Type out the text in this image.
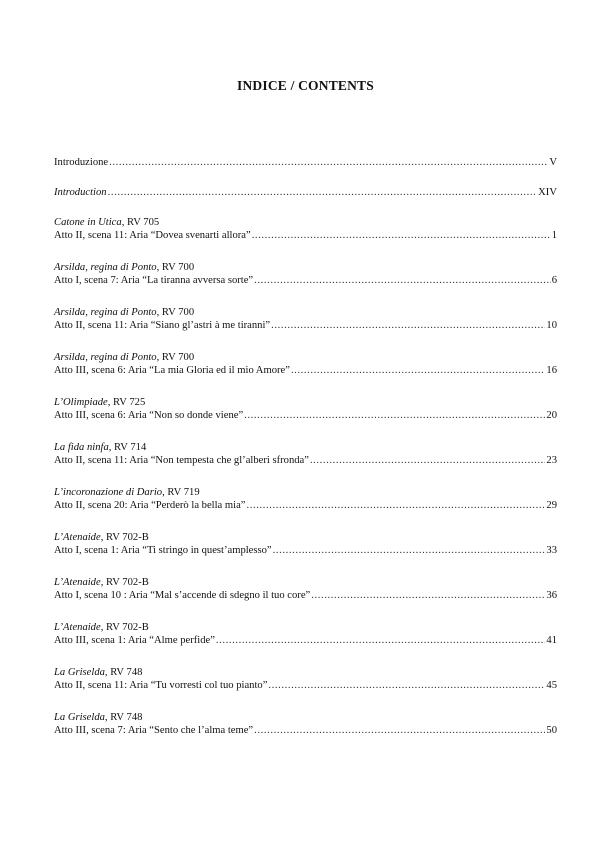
INDICE / CONTENTS
Introduzione .....	V
Introduction .....	XIV
Catone in Utica, RV 705
Atto II, scena 11: Aria “Dovea svenarti allora” .....	1
Arsilda, regina di Ponto, RV 700
Atto I, scena 7: Aria “La tiranna avversa sorte” .....	6
Arsilda, regina di Ponto, RV 700
Atto II, scena 11: Aria “Siano gl’astri à me tiranni” .....	10
Arsilda, regina di Ponto, RV 700
Atto III, scena 6: Aria “La mia Gloria ed il mio Amore” .....	16
L’Olimpiade, RV 725
Atto III, scena 6: Aria “Non so donde viene” .....	20
La fida ninfa, RV 714
Atto II, scena 11: Aria “Non tempesta che gl’alberi sfronda” .....	23
L’incoronazione di Dario, RV 719
Atto II, scena 20: Aria “Perderò la bella mia” .....	29
L’Atenaide, RV 702-B
Atto I, scena 1: Aria “Ti stringo in quest’amplesso” .....	33
L’Atenaide, RV 702-B
Atto I, scena 10 : Aria “Mal s’accende di sdegno il tuo core” .....	36
L’Atenaide, RV 702-B
Atto III, scena 1: Aria “Alme perfide” .....	41
La Griselda, RV 748
Atto II, scena 11: Aria “Tu vorresti col tuo pianto” .....	45
La Griselda, RV 748
Atto III, scena 7: Aria “Sento che l’alma teme” .....	50
